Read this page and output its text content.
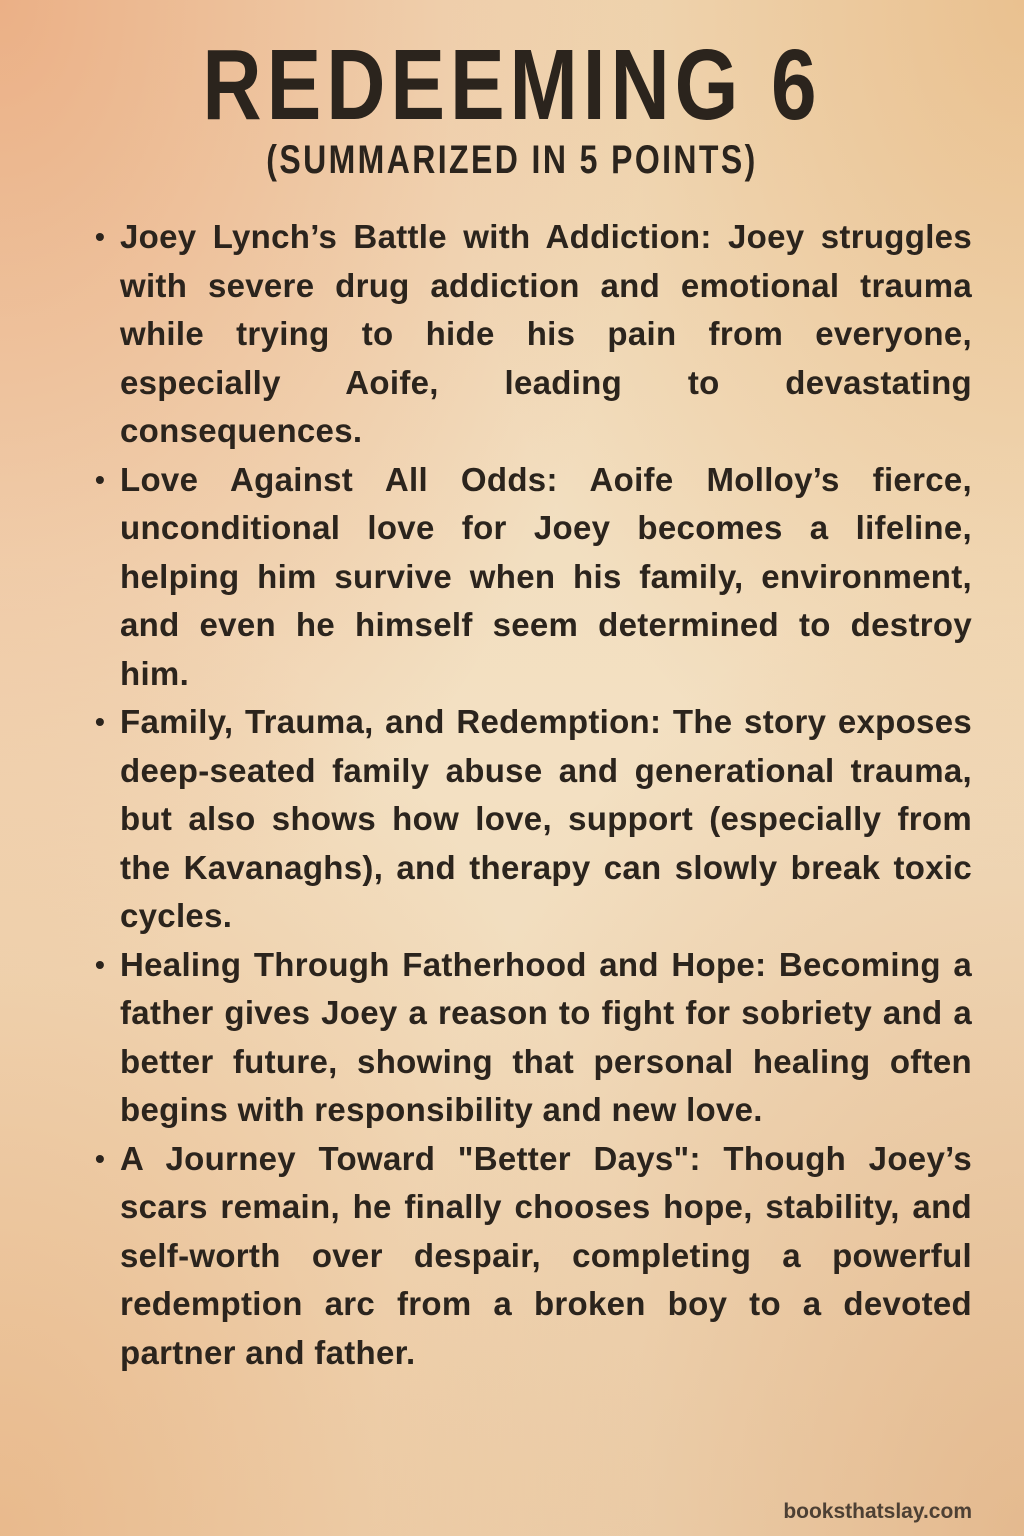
REDEEMING 6
(SUMMARIZED IN 5 POINTS)
• Joey Lynch’s Battle with Addiction: Joey struggles with severe drug addiction and emotional trauma while trying to hide his pain from everyone, especially Aoife, leading to devastating consequences.
• Love Against All Odds: Aoife Molloy’s fierce, unconditional love for Joey becomes a lifeline, helping him survive when his family, environment, and even he himself seem determined to destroy him.
• Family, Trauma, and Redemption: The story exposes deep-seated family abuse and generational trauma, but also shows how love, support (especially from the Kavanaghs), and therapy can slowly break toxic cycles.
• Healing Through Fatherhood and Hope: Becoming a father gives Joey a reason to fight for sobriety and a better future, showing that personal healing often begins with responsibility and new love.
• A Journey Toward "Better Days": Though Joey’s scars remain, he finally chooses hope, stability, and self-worth over despair, completing a powerful redemption arc from a broken boy to a devoted partner and father.
booksthatslay.com
